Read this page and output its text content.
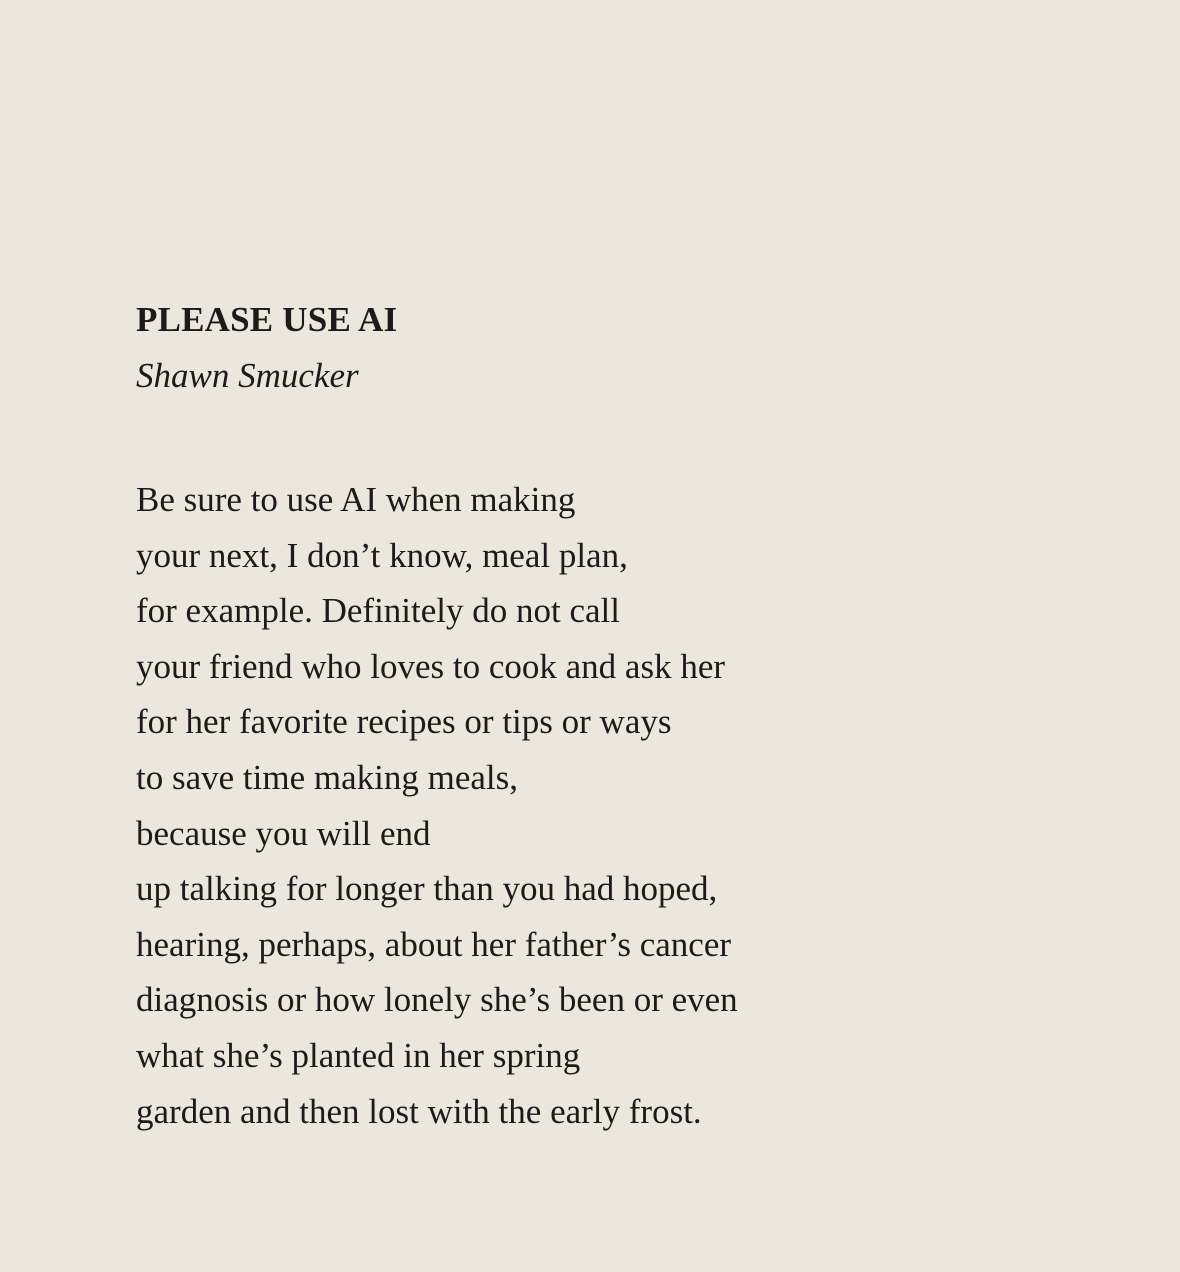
PLEASE USE AI

Shawn Smucker

Be sure to use AI when making
your next, I don’t know, meal plan,
for example. Definitely do not call
your friend who loves to cook and ask her
for her favorite recipes or tips or ways
to save time making meals,
because you will end
up talking for longer than you had hoped,
hearing, perhaps, about her father’s cancer
diagnosis or how lonely she’s been or even
what she’s planted in her spring
garden and then lost with the early frost.
